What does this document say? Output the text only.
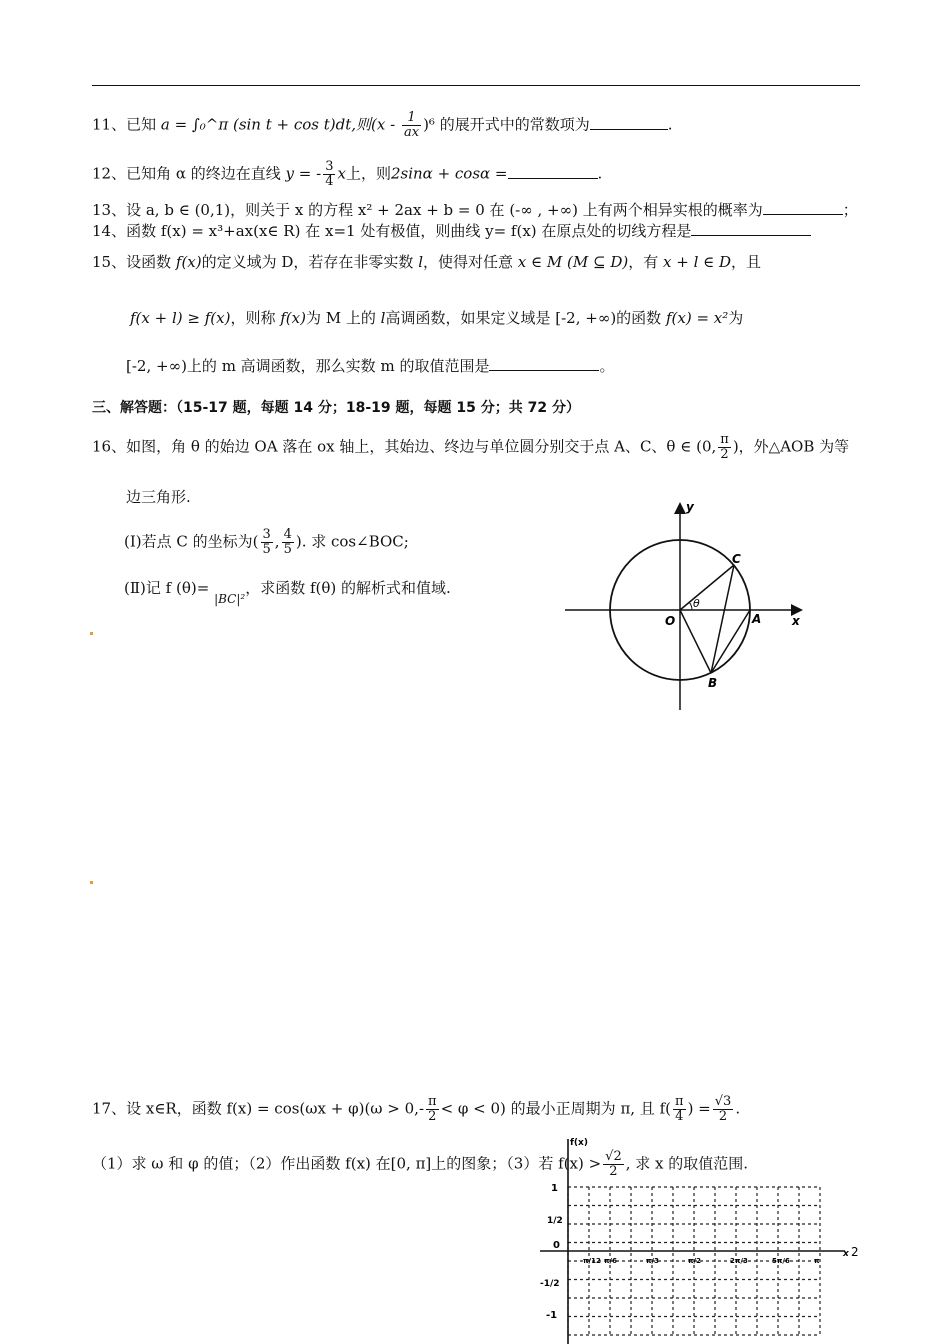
11、已知 a = ∫₀^π (sin t + cos t)dt,则$(x - \frac{1}{ax} )^6$ 的展开式中的常数项为	.
12、已知角 α 的终边在直线 y = - $\frac{3}{4}$ x上，则2sinα + cosα =	.
13、设 a, b ∈ (0,1)，则关于 x 的方程 x² + 2ax + b = 0 在 (-∞ , +∞) 上有两个相异实根的概率为	；
14、函数 f(x) = x³+ax(x∈ R) 在 x=1 处有极值，则曲线 y= f(x) 在原点处的切线方程是
15、设函数 f(x)的定义域为 D，若存在非零实数 l，使得对任意 x ∈ M (M ⊆ D)，有 x + l ∈ D，且
f(x + l) ≥ f(x)，则称 f(x)为 M 上的 l高调函数，如果定义域是 [-2, +∞)的函数 f(x) = x²为
[-2, +∞)上的 m 高调函数，那么实数 m 的取值范围是	。
三、解答题：（15-17 题，每题 14 分；18-19 题，每题 15 分；共 72 分）
16、如图，角 θ 的始边 OA 落在 ox 轴上，其始边、终边与单位圆分别交于点 A、C、θ ∈ (0, $\frac{\pi}{2}$ )，外△AOB 为等
边三角形.
(Ⅰ)若点 C 的坐标为( $\frac{3}{5}$ , $\frac{4}{5}$ ). 求 cos∠BOC;
(Ⅱ)记 f (θ)= $_{|BC|^2}$，求函数 f(θ) 的解析式和值域.
y
x
O	A
B
C
θ
17、设 x∈R，函数 $f(x) = \cos(\omega x + \varphi)(\omega > 0,- \frac{\pi}{2} < \varphi < 0)$ 的最小正周期为 π, 且 $f( \frac{\pi}{4}$ ) = $\frac{√3}{2}$ .
（1）求 ω 和 φ 的值；（2）作出函数 f(x) 在[0, π]上的图象；（3）若 $f(x) > \frac{√2}{2}$ , 求 x 的取值范围.
f(x)
1
1/2
0
-1/2
-1
π/12 π/6	π/3	π/2	2π/3	5π/6	π
x 2
